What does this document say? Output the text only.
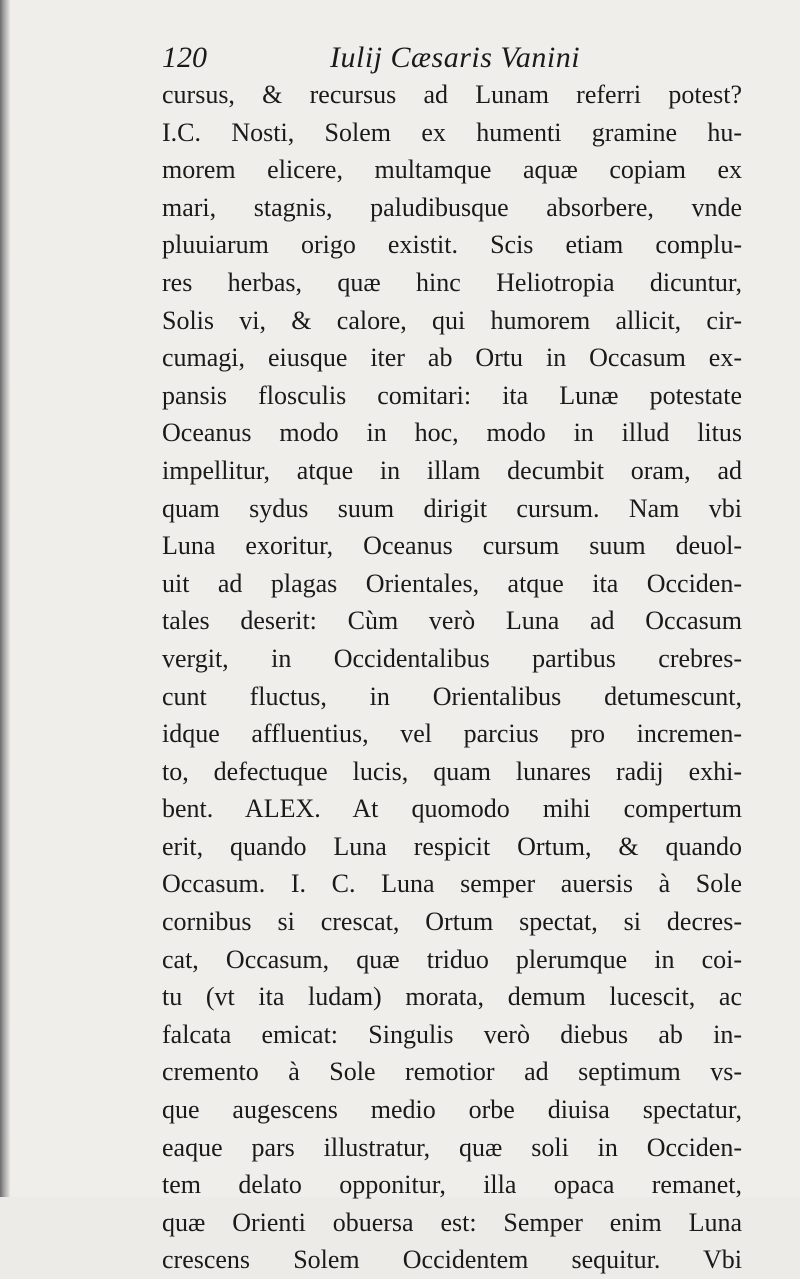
120	Iulij Cæsaris Vanini
cursus, & recursus ad Lunam referri potest?
I.C. Nosti, Solem ex humenti gramine hu-
morem elicere, multamque aquæ copiam ex
mari, stagnis, paludibusque absorbere, vnde
pluuiarum origo existit. Scis etiam complu-
res herbas, quæ hinc Heliotropia dicuntur,
Solis vi, & calore, qui humorem allicit, cir-
cumagi, eiusque iter ab Ortu in Occasum ex-
pansis flosculis comitari: ita Lunæ potestate
Oceanus modo in hoc, modo in illud litus
impellitur, atque in illam decumbit oram, ad
quam sydus suum dirigit cursum. Nam vbi
Luna exoritur, Oceanus cursum suum deuol-
uit ad plagas Orientales, atque ita Occiden-
tales deserit: Cùm verò Luna ad Occasum
vergit, in Occidentalibus partibus crebres-
cunt fluctus, in Orientalibus detumescunt,
idque affluentius, vel parcius pro incremen-
to, defectuque lucis, quam lunares radij exhi-
bent. ALEX. At quomodo mihi compertum
erit, quando Luna respicit Ortum, & quando
Occasum. I. C. Luna semper auersis à Sole
cornibus si crescat, Ortum spectat, si decres-
cat, Occasum, quæ triduo plerumque in coi-
tu (vt ita ludam) morata, demum lucescit, ac
falcata emicat: Singulis verò diebus ab in-
cremento à Sole remotior ad septimum vs-
que augescens medio orbe diuisa spectatur,
eaque pars illustratur, quæ soli in Occiden-
tem delato opponitur, illa opaca remanet,
quæ Orienti obuersa est: Semper enim Luna
crescens Solem Occidentem sequitur. Vbi
